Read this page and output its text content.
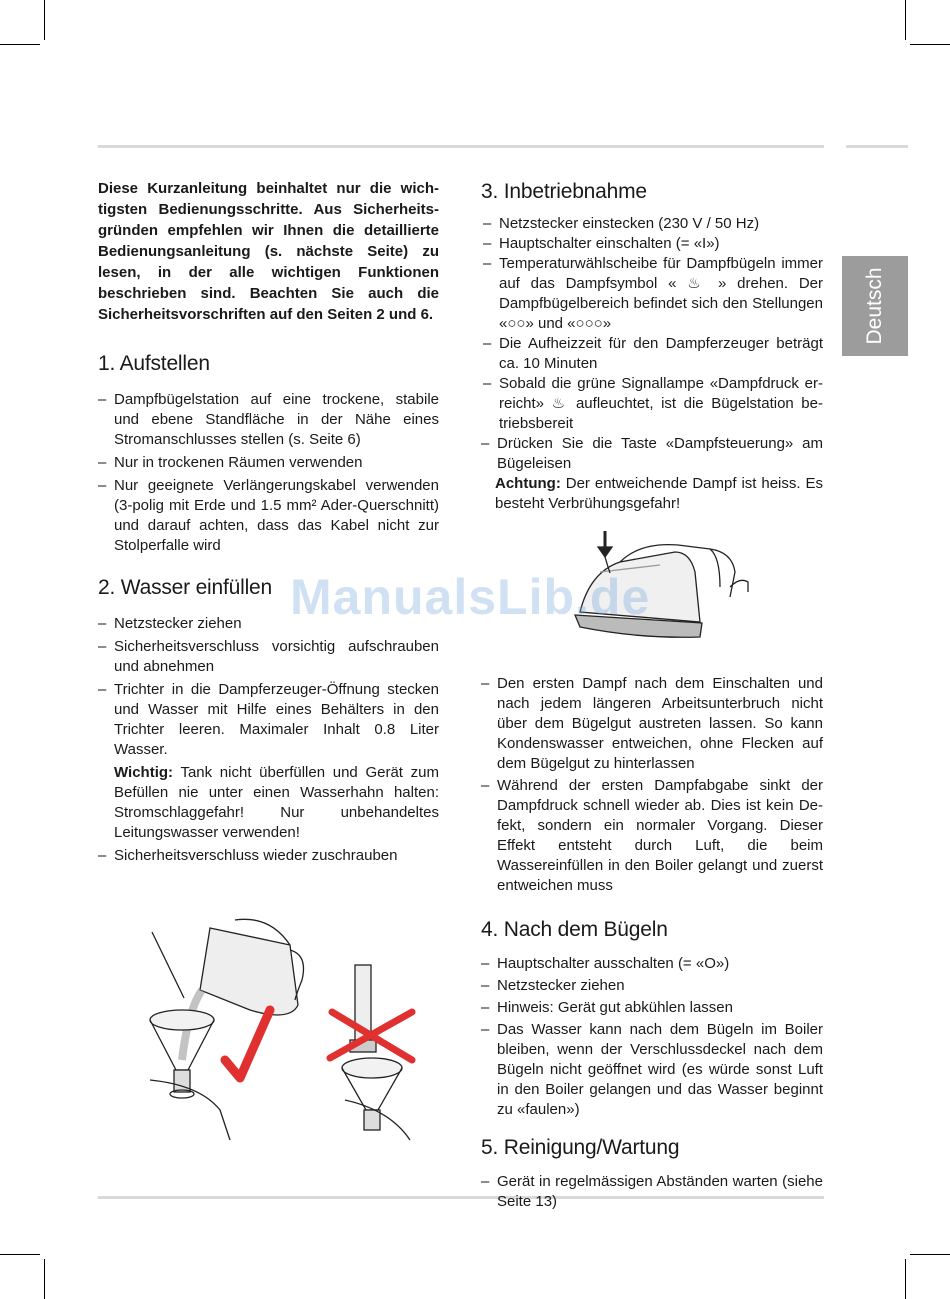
Deutsch

Diese Kurzanleitung beinhaltet nur die wichtigsten Bedienungsschritte. Aus Sicherheitsgründen empfehlen wir Ihnen die detaillierte Bedienungsanleitung (s. nächste Seite) zu lesen, in der alle wichtigen Funktionen beschrieben sind. Beachten Sie auch die Sicherheitsvorschriften auf den Seiten 2 und 6.

1. Aufstellen
– Dampfbügelstation auf eine trockene, stabile und ebene Standfläche in der Nähe eines Stromanschlusses stellen (s. Seite 6)
– Nur in trockenen Räumen verwenden
– Nur geeignete Verlängerungskabel verwenden (3-polig mit Erde und 1.5 mm² Ader-Querschnitt) und darauf achten, dass das Kabel nicht zur Stolperfalle wird
2. Wasser einfüllen
– Netzstecker ziehen
– Sicherheitsverschluss vorsichtig aufschrauben und abnehmen
– Trichter in die Dampferzeuger-Öffnung stecken und Wasser mit Hilfe eines Behälters in den Trichter leeren. Maximaler Inhalt 0.8 Liter Wasser.

Wichtig: Tank nicht überfüllen und Gerät zum Befüllen nie unter einen Wasserhahn halten: Stromschlaggefahr! Nur unbehandeltes Leitungswasser verwenden!

– Sicherheitsverschluss wieder zuschrauben
3. Inbetriebnahme
– Netzstecker einstecken (230 V / 50 Hz)
– Hauptschalter einschalten (= «I»)
– Temperaturwählscheibe für Dampfbügeln immer auf das Dampfsymbol « ♨ » drehen. Der Dampfbügelbereich befindet sich den Stellungen «○○» und «○○○»
– Die Aufheizzeit für den Dampferzeuger beträgt ca. 10 Minuten
– Sobald die grüne Signallampe «Dampfdruck erreicht» ♨ aufleuchtet, ist die Bügelstation betriebsbereit
– Drücken Sie die Taste «Dampfsteuerung» am Bügeleisen

Achtung: Der entweichende Dampf ist heiss. Es besteht Verbrühungsgefahr!

– Den ersten Dampf nach dem Einschalten und nach jedem längeren Arbeitsunterbruch nicht über dem Bügelgut austreten lassen. So kann Kondenswasser entweichen, ohne Flecken auf dem Bügelgut zu hinterlassen
– Während der ersten Dampfabgabe sinkt der Dampfdruck schnell wieder ab. Dies ist kein Defekt, sondern ein normaler Vorgang. Dieser Effekt entsteht durch Luft, die beim Wassereinfüllen in den Boiler gelangt und zuerst entweichen muss
4. Nach dem Bügeln
– Hauptschalter ausschalten (= «O»)
– Netzstecker ziehen
– Hinweis: Gerät gut abkühlen lassen
– Das Wasser kann nach dem Bügeln im Boiler bleiben, wenn der Verschlussdeckel nach dem Bügeln nicht geöffnet wird (es würde sonst Luft in den Boiler gelangen und das Wasser beginnt zu «faulen»)
5. Reinigung/Wartung
– Gerät in regelmässigen Abständen warten (siehe Seite 13)
ManualsLib.de
